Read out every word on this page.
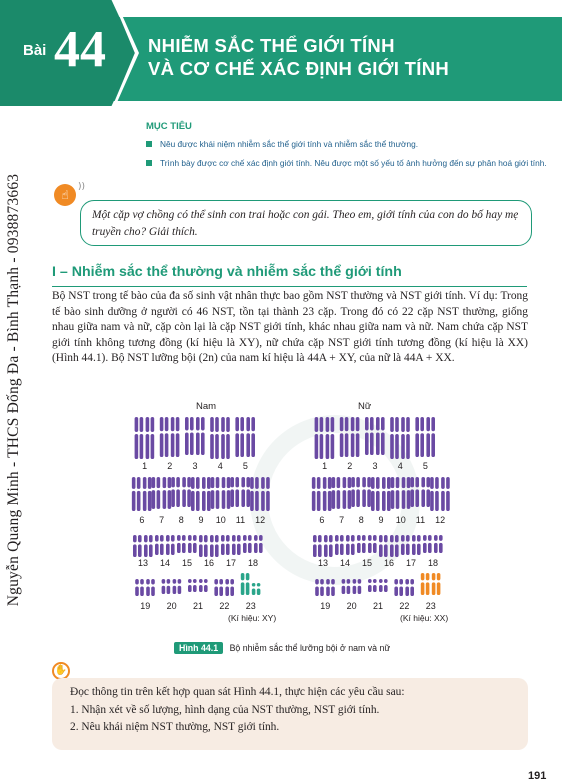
Bài 44 NHIỄM SẮC THỂ GIỚI TÍNH
VÀ CƠ CHẾ XÁC ĐỊNH GIỚI TÍNH
MỤC TIÊU
Nêu được khái niệm nhiễm sắc thể giới tính và nhiễm sắc thể thường.
Trình bày được cơ chế xác định giới tính. Nêu được một số yếu tố ảnh hưởng đến sự phân hoá giới tính.
Nguyễn Quang Minh - THCS Đống Đa - Bình Thạnh - 0938873663	☝
))
Một cặp vợ chồng có thể sinh con trai hoặc con gái. Theo em, giới tính của con do bố hay mẹ truyền cho? Giải thích.
I – Nhiễm sắc thể thường và nhiễm sắc thể giới tính
Bộ NST trong tế bào của đa số sinh vật nhân thực bao gồm NST thường và NST giới tính. Ví dụ: Trong tế bào sinh dưỡng ở người có 46 NST, tồn tại thành 23 cặp. Trong đó có 22 cặp NST thường, giống nhau giữa nam và nữ, cặp còn lại là cặp NST giới tính, khác nhau giữa nam và nữ. Nam chứa cặp NST giới tính không tương đồng (kí hiệu là XY), nữ chứa cặp NST giới tính tương đồng (kí hiệu là XX) (Hình 44.1). Bộ NST lưỡng bội (2n) của nam kí hiệu là 44A + XY, của nữ là 44A + XX.
1 2 3 4 5
6 7 8 9 10 11 12
13 14 15 16 17 18
19 20 21 22 23
1 2 3 4 5
6 7 8 9 10 11 12
13 14 15 16 17 18
19 20 21 22 23
Nam	Nữ
(Kí hiệu: XY)	(Kí hiệu: XX)
Hình 44.1 Bộ nhiễm sắc thể lưỡng bội ở nam và nữ
✋
Đọc thông tin trên kết hợp quan sát Hình 44.1, thực hiện các yêu cầu sau:
1. Nhận xét về số lượng, hình dạng của NST thường, NST giới tính.
2. Nêu khái niệm NST thường, NST giới tính.
191
